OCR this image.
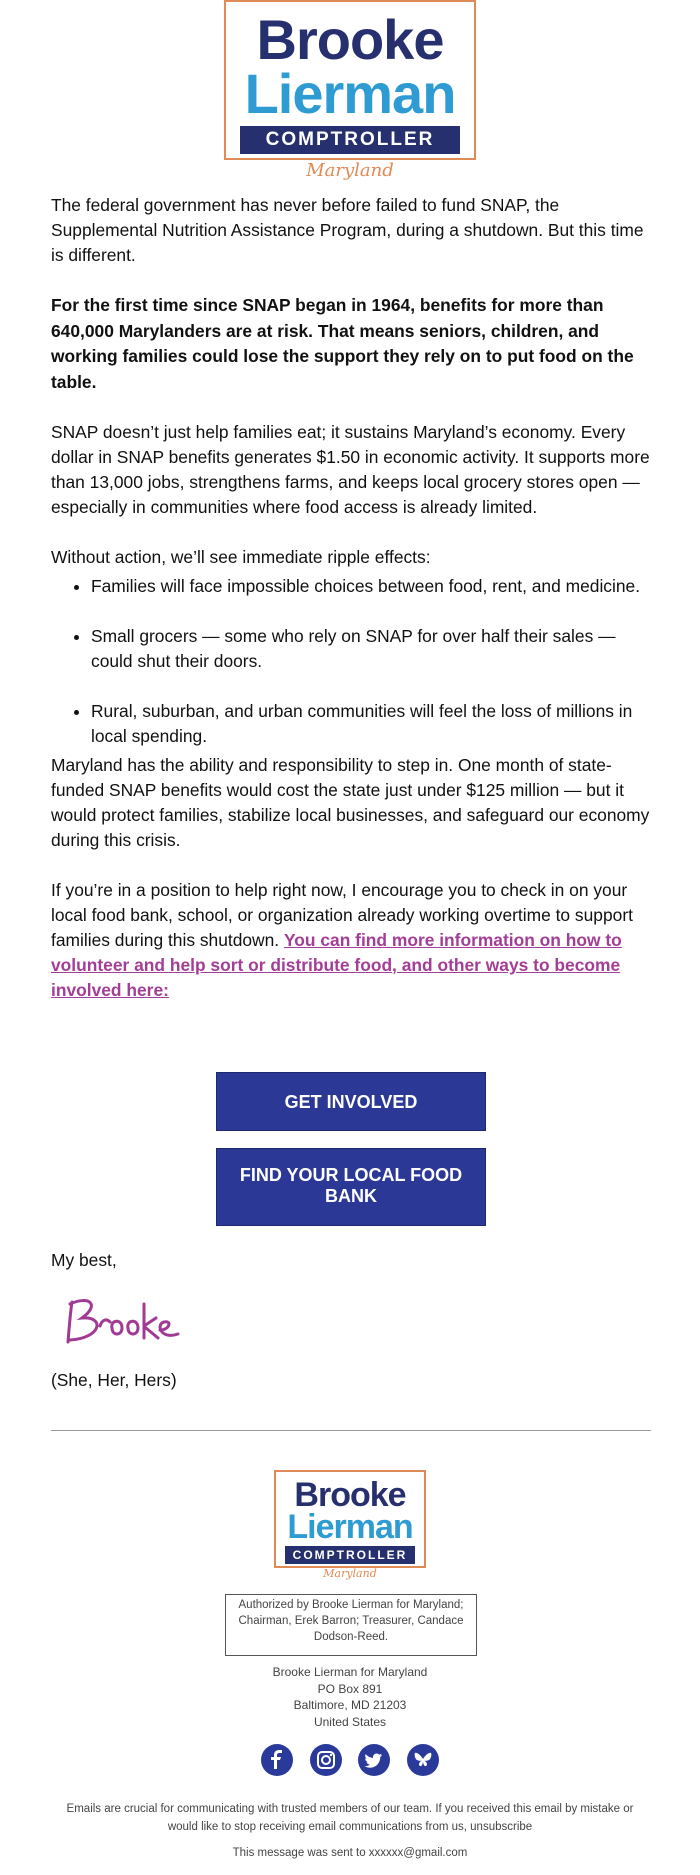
Brooke
Lierman
COMPTROLLER
Maryland

The federal government has never before failed to fund SNAP, the Supplemental Nutrition Assistance Program, during a shutdown. But this time is different.

For the first time since SNAP began in 1964, benefits for more than 640,000 Marylanders are at risk. That means seniors, children, and working families could lose the support they rely on to put food on the table.

SNAP doesn’t just help families eat; it sustains Maryland’s economy. Every dollar in SNAP benefits generates $1.50 in economic activity. It supports more than 13,000 jobs, strengthens farms, and keeps local grocery stores open — especially in communities where food access is already limited.

Without action, we’ll see immediate ripple effects:

• Families will face impossible choices between food, rent, and medicine.
• Small grocers — some who rely on SNAP for over half their sales — could shut their doors.
• Rural, suburban, and urban communities will feel the loss of millions in local spending.

Maryland has the ability and responsibility to step in. One month of state-funded SNAP benefits would cost the state just under $125 million — but it would protect families, stabilize local businesses, and safeguard our economy during this crisis.

If you’re in a position to help right now, I encourage you to check in on your local food bank, school, or organization already working overtime to support families during this shutdown. You can find more information on how to volunteer and help sort or distribute food, and other ways to become involved here:

GET INVOLVED
FIND YOUR LOCAL FOOD BANK
My best,
(She, Her, Hers)
Brooke
Lierman
COMPTROLLER
Maryland
Authorized by Brooke Lierman for Maryland; Chairman, Erek Barron; Treasurer, Candace Dodson-Reed.
Brooke Lierman for Maryland
PO Box 891
Baltimore, MD 21203
United States

Emails are crucial for communicating with trusted members of our team. If you received this email by mistake or would like to stop receiving email communications from us, unsubscribe
This message was sent to xxxxxx@gmail.com
